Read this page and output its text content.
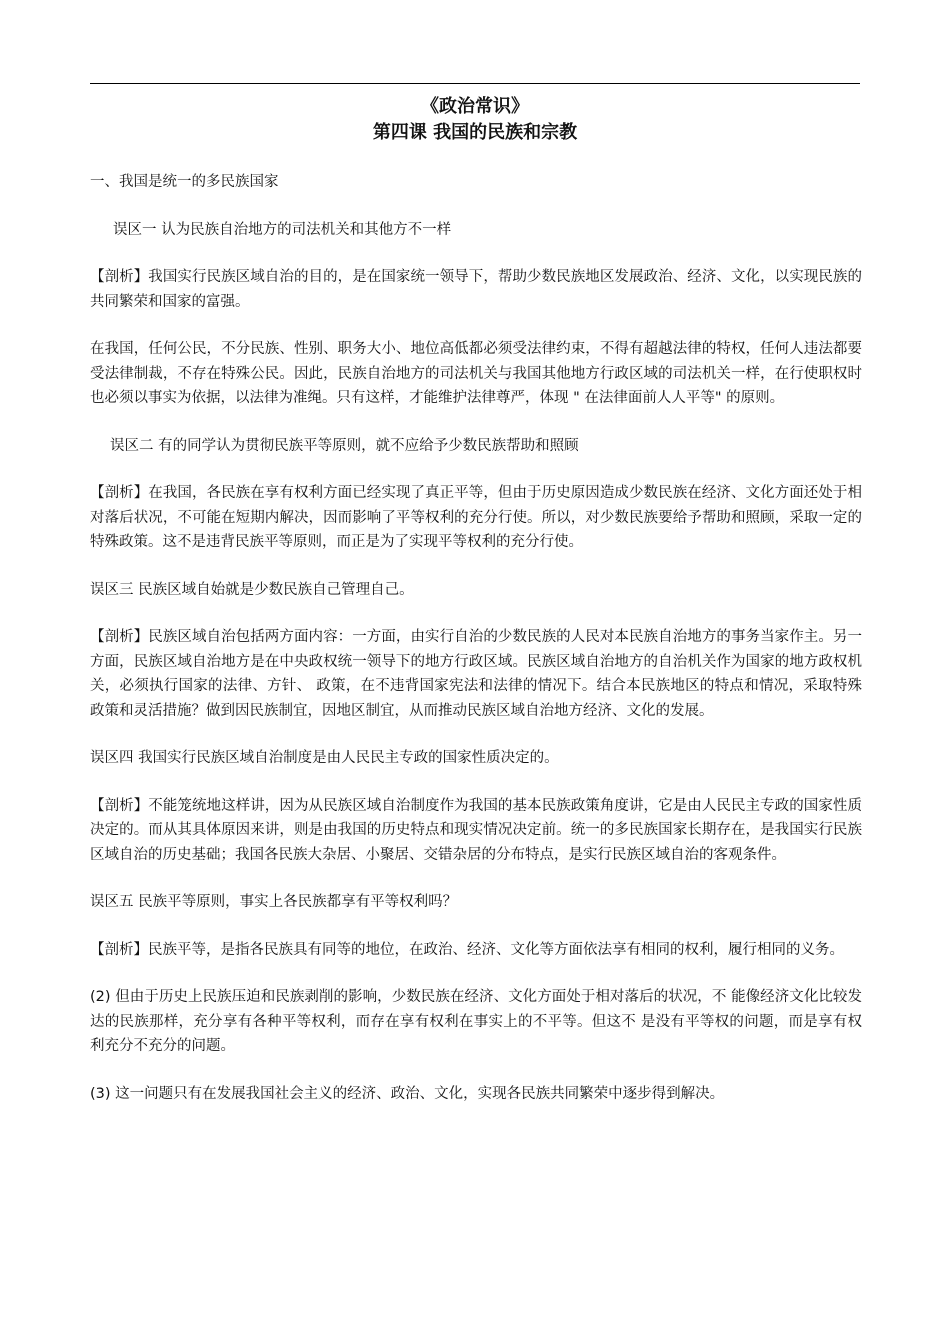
《政治常识》
第四课 我国的民族和宗教

一、我国是统一的多民族国家

误区一 认为民族自治地方的司法机关和其他方不一样

【剖析】我国实行民族区域自治的目的，是在国家统一领导下，帮助少数民族地区发展政治、经济、文化，以实现民族的共同繁荣和国家的富强。

在我国，任何公民，不分民族、性别、职务大小、地位高低都必须受法律约束，不得有超越法律的特权，任何人违法都要受法律制裁，不存在特殊公民。因此，民族自治地方的司法机关与我国其他地方行政区域的司法机关一样，在行使职权时也必须以事实为依据，以法律为准绳。只有这样，才能维护法律尊严，体现 " 在法律面前人人平等" 的原则。

误区二 有的同学认为贯彻民族平等原则，就不应给予少数民族帮助和照顾

【剖析】在我国，各民族在享有权利方面已经实现了真正平等，但由于历史原因造成少数民族在经济、文化方面还处于相对落后状况，不可能在短期内解决，因而影响了平等权利的充分行使。所以，对少数民族要给予帮助和照顾，采取一定的特殊政策。这不是违背民族平等原则，而正是为了实现平等权利的充分行使。

误区三 民族区域自始就是少数民族自己管理自己。

【剖析】民族区域自治包括两方面内容：一方面，由实行自治的少数民族的人民对本民族自治地方的事务当家作主。另一方面，民族区域自治地方是在中央政权统一领导下的地方行政区域。民族区域自治地方的自治机关作为国家的地方政权机关，必须执行国家的法律、方针、 政策，在不违背国家宪法和法律的情况下。结合本民族地区的特点和情况，采取特殊政策和灵活措施？做到因民族制宜，因地区制宜，从而推动民族区域自治地方经济、文化的发展。

误区四 我国实行民族区域自治制度是由人民民主专政的国家性质决定的。

【剖析】不能笼统地这样讲，因为从民族区域自治制度作为我国的基本民族政策角度讲，它是由人民民主专政的国家性质决定的。而从其具体原因来讲，则是由我国的历史特点和现实情况决定前。统一的多民族国家长期存在，是我国实行民族区域自治的历史基础；我国各民族大杂居、小聚居、交错杂居的分布特点，是实行民族区域自治的客观条件。

误区五 民族平等原则，事实上各民族都享有平等权利吗？

【剖析】民族平等，是指各民族具有同等的地位，在政治、经济、文化等方面依法享有相同的权利，履行相同的义务。

(2) 但由于历史上民族压迫和民族剥削的影响，少数民族在经济、文化方面处于相对落后的状况，不 能像经济文化比较发达的民族那样，充分享有各种平等权利，而存在享有权利在事实上的不平等。但这不 是没有平等权的问题，而是享有权利充分不充分的问题。

(3) 这一问题只有在发展我国社会主义的经济、政治、文化，实现各民族共同繁荣中逐步得到解决。
